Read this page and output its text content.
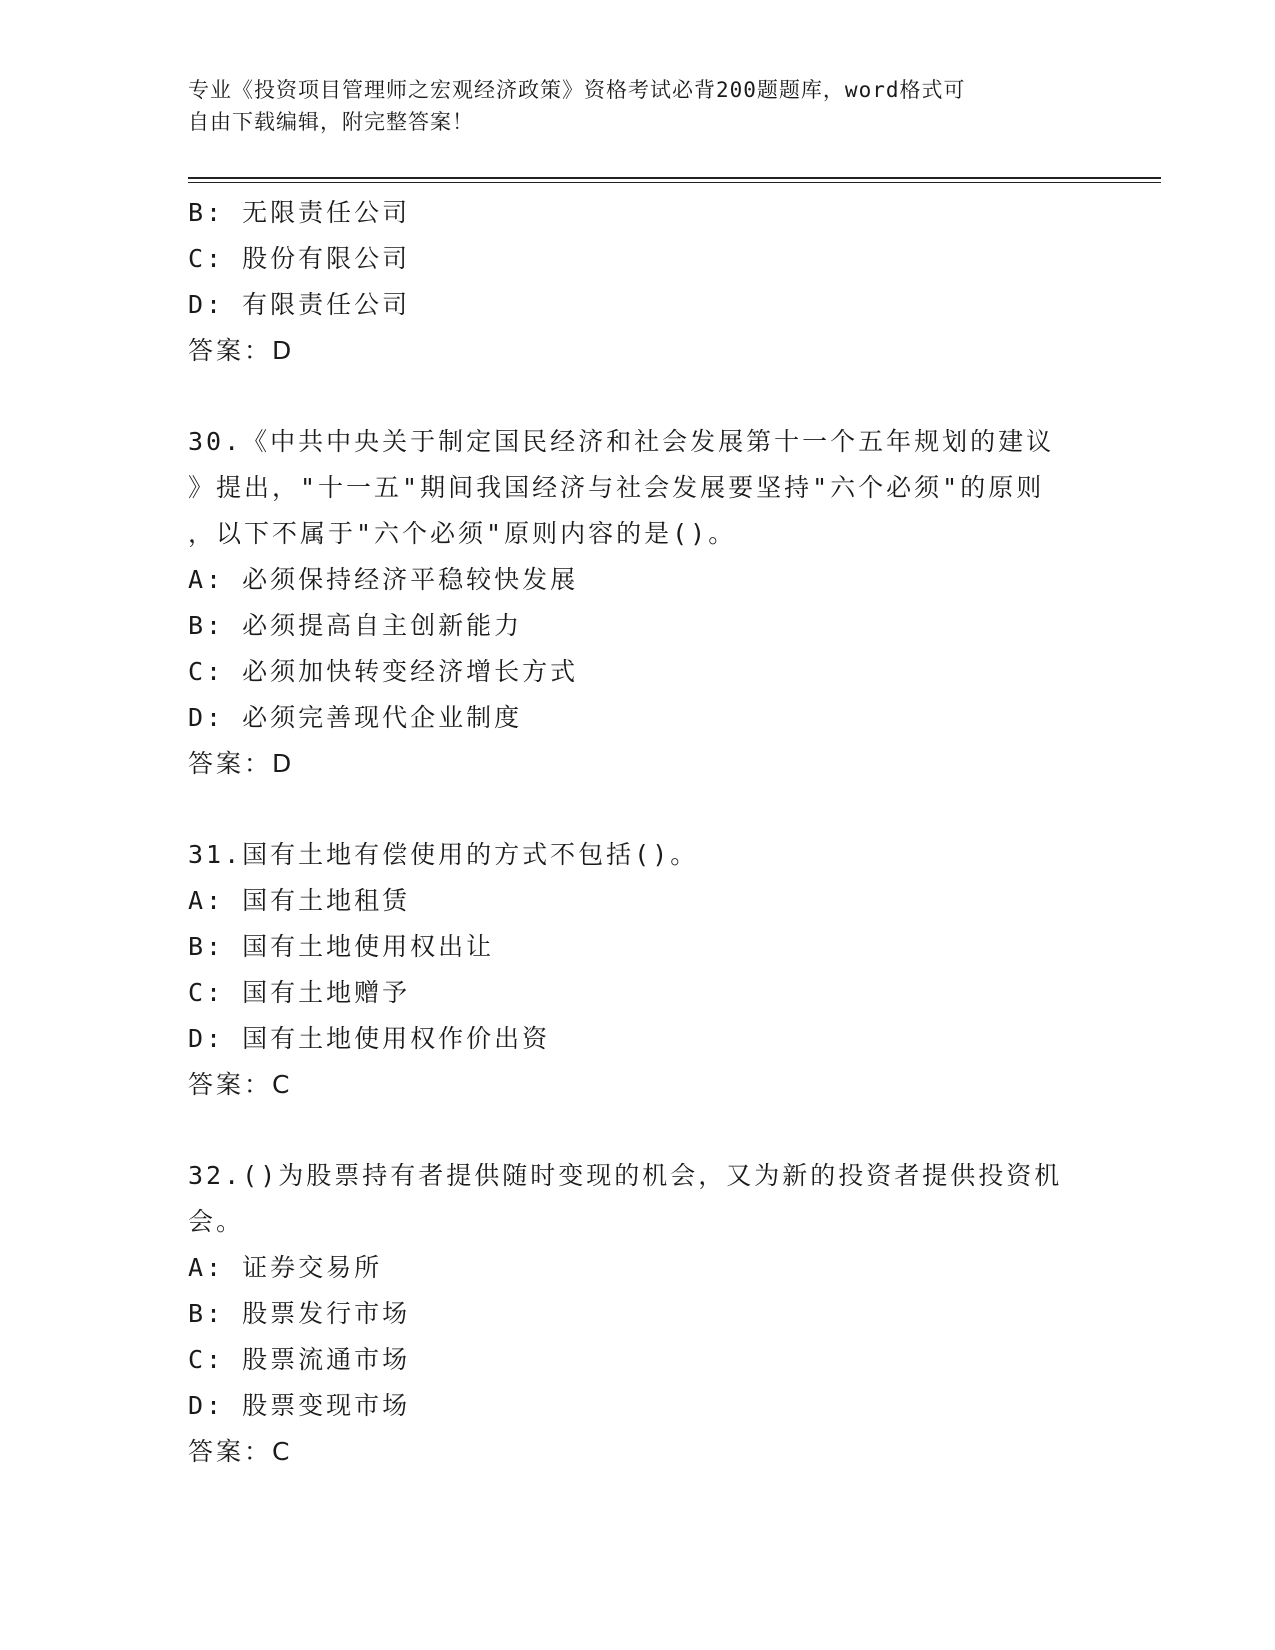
专业《投资项目管理师之宏观经济政策》资格考试必背200题题库，word格式可
自由下载编辑，附完整答案！
B: 无限责任公司
C: 股份有限公司
D: 有限责任公司
答案：D
30.《中共中央关于制定国民经济和社会发展第十一个五年规划的建议
》提出，"十一五"期间我国经济与社会发展要坚持"六个必须"的原则
，以下不属于"六个必须"原则内容的是()。
A: 必须保持经济平稳较快发展
B: 必须提高自主创新能力
C: 必须加快转变经济增长方式
D: 必须完善现代企业制度
答案：D
31.国有土地有偿使用的方式不包括()。
A: 国有土地租赁
B: 国有土地使用权出让
C: 国有土地赠予
D: 国有土地使用权作价出资
答案：C
32.()为股票持有者提供随时变现的机会，又为新的投资者提供投资机
会。
A: 证券交易所
B: 股票发行市场
C: 股票流通市场
D: 股票变现市场
答案：C
